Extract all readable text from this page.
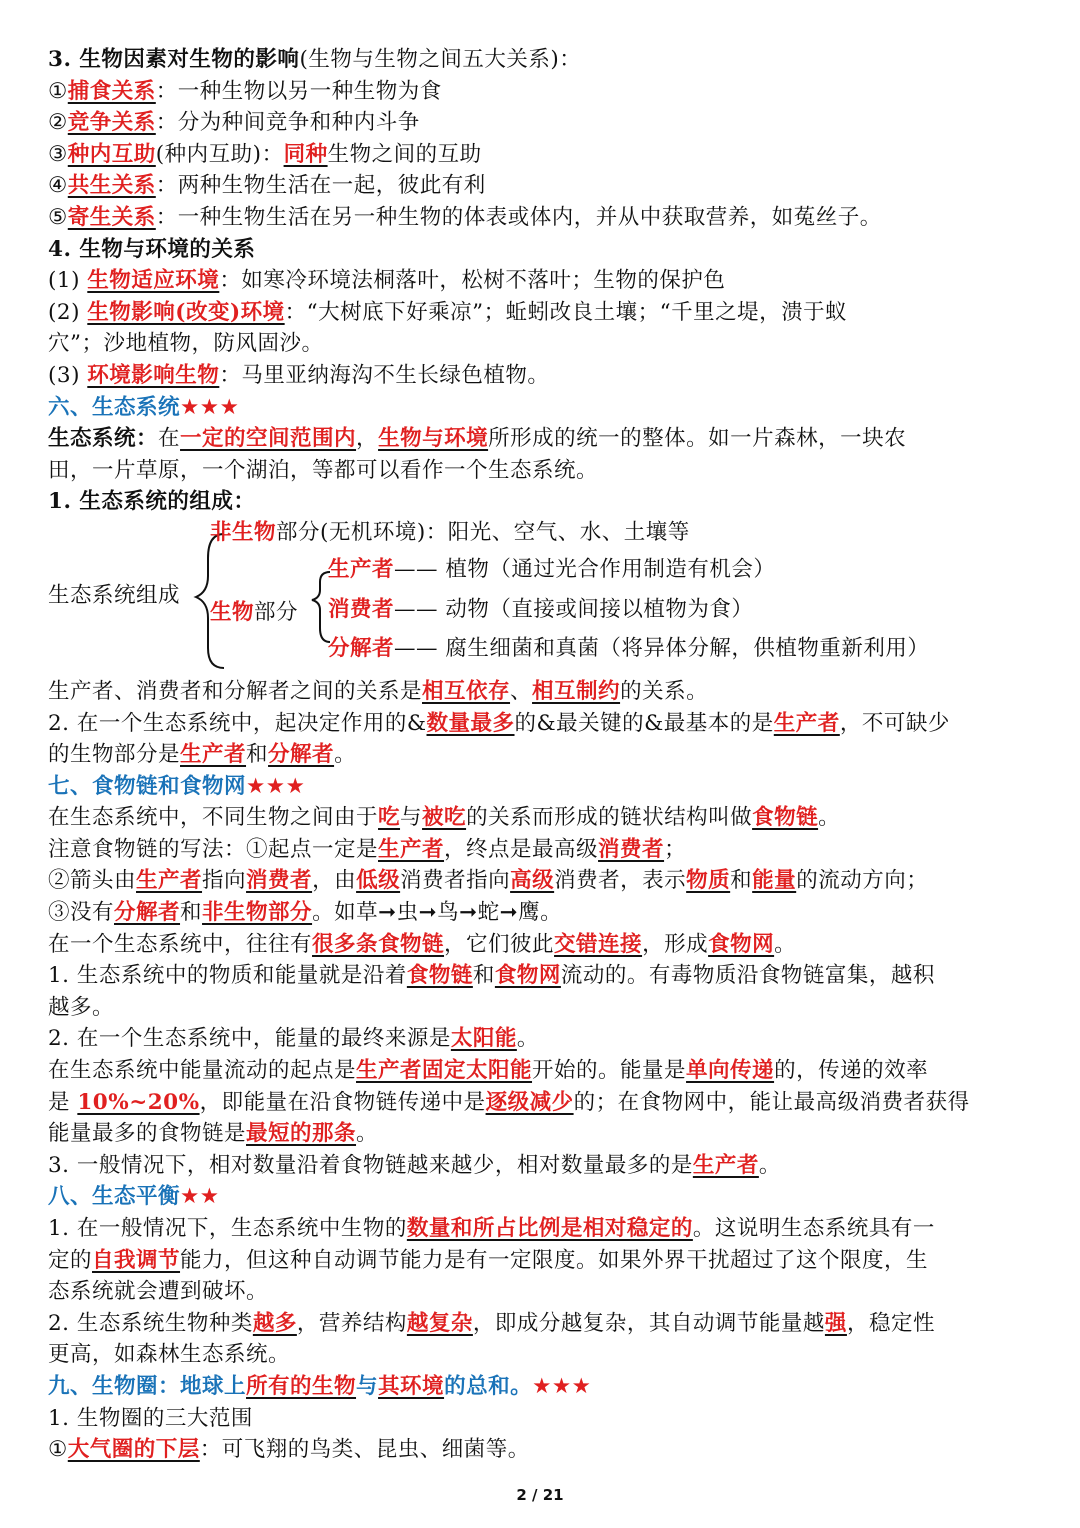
3. 生物因素对生物的影响(生物与生物之间五大关系)：
①捕食关系：一种生物以另一种生物为食
②竞争关系：分为种间竞争和种内斗争
③种内互助(种内互助)：同种生物之间的互助
④共生关系：两种生物生活在一起，彼此有利
⑤寄生关系：一种生物生活在另一种生物的体表或体内，并从中获取营养，如菟丝子。
4. 生物与环境的关系
(1) 生物适应环境：如寒冷环境法桐落叶，松树不落叶；生物的保护色
(2) 生物影响(改变)环境：“大树底下好乘凉”；蚯蚓改良土壤；“千里之堤，溃于蚁
穴”；沙地植物，防风固沙。
(3) 环境影响生物：马里亚纳海沟不生长绿色植物。
六、生态系统★★★
生态系统：在一定的空间范围内，生物与环境所形成的统一的整体。如一片森林，一块农
田，一片草原，一个湖泊，等都可以看作一个生态系统。
1. 生态系统的组成：
生态系统组成
非生物部分(无机环境)：阳光、空气、水、土壤等
生物部分
生产者—— 植物（通过光合作用制造有机会）
消费者—— 动物（直接或间接以植物为食）
分解者—— 腐生细菌和真菌（将异体分解，供植物重新利用）
生产者、消费者和分解者之间的关系是相互依存、相互制约的关系。
2. 在一个生态系统中，起决定作用的&数量最多的&最关键的&最基本的是生产者，不可缺少
的生物部分是生产者和分解者。
七、食物链和食物网★★★
在生态系统中，不同生物之间由于吃与被吃的关系而形成的链状结构叫做食物链。
注意食物链的写法：①起点一定是生产者，终点是最高级消费者；
②箭头由生产者指向消费者，由低级消费者指向高级消费者，表示物质和能量的流动方向；
③没有分解者和非生物部分。如草➞虫➞鸟➞蛇➞鹰。
在一个生态系统中，往往有很多条食物链，它们彼此交错连接，形成食物网。
1. 生态系统中的物质和能量就是沿着食物链和食物网流动的。有毒物质沿食物链富集，越积
越多。
2. 在一个生态系统中，能量的最终来源是太阳能。
在生态系统中能量流动的起点是生产者固定太阳能开始的。能量是单向传递的，传递的效率
是 10%~20%，即能量在沿食物链传递中是逐级减少的；在食物网中，能让最高级消费者获得
能量最多的食物链是最短的那条。
3. 一般情况下，相对数量沿着食物链越来越少，相对数量最多的是生产者。
八、生态平衡★★
1. 在一般情况下，生态系统中生物的数量和所占比例是相对稳定的。这说明生态系统具有一
定的自我调节能力，但这种自动调节能力是有一定限度。如果外界干扰超过了这个限度，生
态系统就会遭到破坏。
2. 生态系统生物种类越多，营养结构越复杂，即成分越复杂，其自动调节能量越强，稳定性
更高，如森林生态系统。
九、生物圈：地球上所有的生物与其环境的总和。★★★
1. 生物圈的三大范围
①大气圈的下层：可飞翔的鸟类、昆虫、细菌等。
2 / 21
